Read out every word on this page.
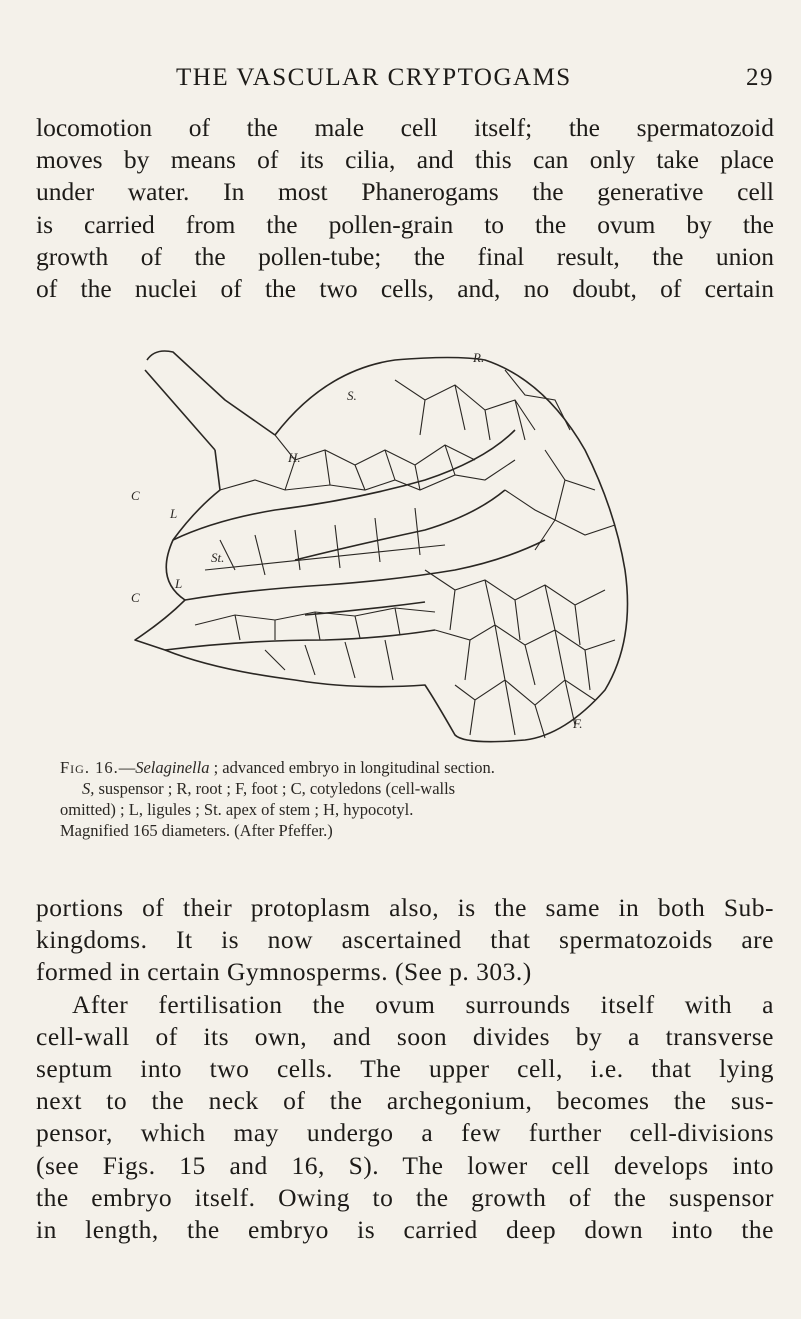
THE VASCULAR CRYPTOGAMS	29
locomotion of the male cell itself; the spermatozoid
moves by means of its cilia, and this can only take place
under water. In most Phanerogams the generative cell
is carried from the pollen-grain to the ovum by the
growth of the pollen-tube; the final result, the union
of the nuclei of the two cells, and, no doubt, of certain
R.
S.
H.
C
L
St.
C
L
F.
Fig. 16.—Selaginella ; advanced embryo in longitudinal section.
S, suspensor ; R, root ; F, foot ; C, cotyledons (cell-walls
omitted) ; L, ligules ; St. apex of stem ; H, hypocotyl.
Magnified 165 diameters. (After Pfeffer.)
portions of their protoplasm also, is the same in both Sub-
kingdoms. It is now ascertained that spermatozoids are
formed in certain Gymnosperms. (See p. 303.)
After fertilisation the ovum surrounds itself with a
cell-wall of its own, and soon divides by a transverse
septum into two cells. The upper cell, i.e. that lying
next to the neck of the archegonium, becomes the sus-
pensor, which may undergo a few further cell-divisions
(see Figs. 15 and 16, S). The lower cell develops into
the embryo itself. Owing to the growth of the suspensor
in length, the embryo is carried deep down into the
